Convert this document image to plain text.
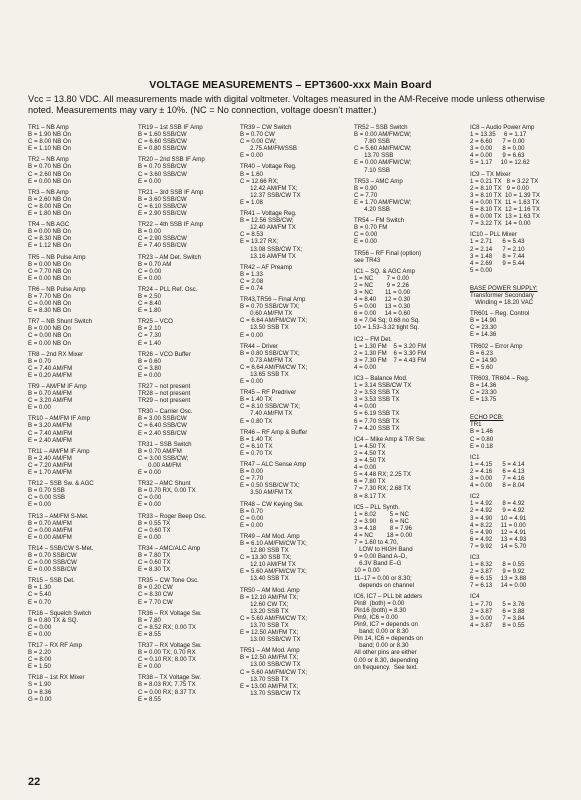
VOLTAGE MEASUREMENTS – EPT3600-xxx Main Board
Vcc = 13.80 VDC. All measurements made with digital voltmeter. Voltages measured in the AM-Receive mode unless otherwise noted. Measurements may vary ± 10%. (NC = No connection, voltage doesn’t matter.)
TR1 – NB Amp
B = 1.90 NB On
C = 8.00 NB On
E = 1.10 NB On
TR2 – NB Amp
B = 0.70 NB On
C = 2.60 NB On
E = 0.00 NB On
TR3 – NB Amp
B = 2.60 NB On
C = 8.00 NB On
E = 1.80 NB On
TR4 – NB AGC
B = 0.00 NB On
C = 8.30 NB On
E = 1.12 NB On
TR5 – NB Pulse Amp
B = 0.00 NB On
C = 7.70 NB On
E = 0.00 NB On
TR6 – NB Pulse Amp
B = 7.70 NB On
C = 0.00 NB On
E = 8.30 NB On
TR7 – NB Shunt Switch
B = 0.00 NB On
C = 0.00 NB On
E = 0.00 NB On
TR8 – 2nd RX Mixer
B = 0.70
C = 7.40 AM/FM
E = 0.20 AM/FM
TR9 – AM/FM IF Amp
B = 0.70 AM/FM
C = 3.20 AM/FM
E = 0.00
TR10 – AM/FM IF Amp
B = 3.20 AM/FM
C = 7.40 AM/FM
E = 2.40 AM/FM
TR11 – AM/FM IF Amp
B = 2.40 AM/FM
C = 7.20 AM/FM
E = 1.70 AM/FM
TR12 – SSB Sw. & AGC
B = 0.70 SSB
C = 0.00 SSB
E = 0.00
TR13 – AM/FM S-Met.
B = 0.70 AM/FM
C = 0.00 AM/FM
E = 0.00 AM/FM
TR14 – SSB/CW S-Met.
B = 0.70 SSB/CW
C = 0.00 SSB/CW
E = 0.00 SSB/CW
TR15 – SSB Det.
B = 1.30
C = 5.40
E = 0.70
TR16 – Squelch Switch
B = 0.80 TX & SQ.
C = 0.00
E = 0.00
TR17 – RX RF Amp
B = 2.20
C = 8.00
E = 1.50
TR18 – 1st RX Mixer
S = 1.90
D = 8.36
G = 0.00
TR19 – 1st SSB IF Amp
B = 1.60 SSB/CW
C = 6.60 SSB/CW
E = 0.80 SSB/CW
TR20 – 2nd SSB IF Amp
B = 0.70 SSB/CW
C = 3.60 SSB/CW
E = 0.00
TR21 – 3rd SSB IF Amp
B = 3.60 SSB/CW
C = 6.10 SSB/CW
E = 2.90 SSB/CW
TR22 – 4th SSB IF Amp
B = 0.00
C = 2.90 SSB/CW
E = 7.40 SSB/CW
TR23 – AM Det. Switch
B = 0.70 AM
C = 0.00
E = 0.00
TR24 – PLL Ref. Osc.
B = 2.50
C = 8.40
E = 1.80
TR25 – VCO
B = 2.10
C = 7.30
E = 1.40
TR26 – VCO Buffer
B = 0.60
C = 3.80
E = 0.00
TR27 – not present
TR28 – not present
TR29 – not present
TR30 – Carrier Osc.
B = 3.00 SSB/CW
C = 6.40 SSB/CW
E = 2.40 SSB/CW
TR31 – SSB Switch
B = 0.70 AM/FM
C = 3.00 SSB/CW;
0.00 AM/FM
E = 0.00
TR32 – AMC Shunt
B = 0.70 RX, 0.00 TX
C = 0.00
E = 0.00
TR33 – Roger Beep Osc.
B = 0.55 TX
C = 0.60 TX
E = 0.00
TR34 – AMC/ALC Amp
B = 7.80 TX
C = 0.60 TX
E = 8.30 TX
TR35 – CW Tone Osc.
B = 0.20 CW
C = 8.30 CW
E = 7.70 CW
TR36 – RX Voltage Sw.
B = 7.80
C = 8.52 RX; 0.00 TX
E = 8.55
TR37 – RX Voltage Sw.
B = 0.00 TX; 0.70 RX
C = 0.10 RX; 8.00 TX
E = 0.00
TR38 – TX Voltage Sw.
B = 8.03 RX; 7.75 TX
C = 0.00 RX; 8.37 TX
E = 8.55
TR39 – CW Switch
B = 0.70 CW
C = 0.00 CW;
2.75 AM/FM/SSB
E = 0.00
TR40 – Voltage Reg.
B = 1.60
C = 12.66 RX;
12.42 AM/FM TX;
12.37 SSB/CW TX
E = 1.08
TR41 – Voltage Reg.
B = 12.56 SSB/CW;
12.40 AM/FM TX
C = 8.53
E = 13.27 RX;
13.08 SSB/CW TX;
13.16 AM/FM TX
TR42 – AF Preamp
B = 1.33
C = 2.08
E = 0.74
TR43,TR56 – Final Amp
B = 0.70 SSB/CW TX;
0.60 AM/FM TX
C = 6.64 AM/FM/CW TX;
13.50 SSB TX
E = 0.00
TR44 – Driver
B = 0.80 SSB/CW TX;
0.73 AM/FM TX
C = 6.64 AM/FM/CW TX;
13.65 SSB TX
E = 0.00
TR45 – RF Predriver
B = 1.40 TX
C = 8.10 SSB/CW TX;
7.40 AM/FM TX
E = 0.80 TX
TR46 – RF Amp & Buffer
B = 1.40 TX
C = 6.10 TX
E = 0.70 TX
TR47 – ALC Sense Amp
B = 0.00
C = 7.70
E = 0.50 SSB/CW TX;
3.50 AM/FM TX
TR48 – CW Keying Sw.
B = 0.70
C = 0.00
E = 0.00
TR49 – AM Mod. Amp
B = 6.10 AM/FM/CW TX;
12.80 SSB TX
C = 13.30 SSB TX;
12.10 AM/FM TX
E = 5.60 AM/FM/CW TX;
13.40 SSB TX
TR50 – AM Mod. Amp
B = 12.10 AM/FM TX;
12.60 CW TX;
13.20 SSB TX
C = 5.60 AM/FM/CW TX;
13.70 SSB TX
E = 12.50 AM/FM TX;
13.00 SSB/CW TX
TR51 – AM Mod. Amp
B = 12.50 AM/FM TX;
13.00 SSB/CW TX
C = 5.60 AM/FM/CW TX;
13.70 SSB TX
E = 13.00 AM/FM TX;
13.70 SSB/CW TX
TR52 – SSB Switch
B = 0.00 AM/FM/CW;
7.80 SSB
C = 5.60 AM/FM/CW;
13.70 SSB
E = 0.00 AM/FM/CW;
7.10 SSB
TR53 – AMC Amp
B = 0.90
C = 7.70
E = 1.70 AM/FM/CW;
4.20 SSB
TR54 – FM Switch
B = 0.70 FM
C = 0.00
E = 0.00
TR56 – RF Final (option)
see TR43
IC1 – SQ. & AGC Amp
1 = NC        7 = 0.00
2 = NC        9 = 2.26
3 = NC       11 = 0.00
4 = 8.40     12 = 0.30
5 = 0.00     13 = 0.30
6 = 0.00     14 = 0.60
8 = 7.04 Sq; 0.68 no Sq.
10 = 1.53–3.32 tight Sq.
IC2 – FM Det.
1 = 1.30 FM    5 = 3.20 FM
2 = 1.30 FM    6 = 3.30 FM
3 = 7.30 FM    7 = 4.43 FM
4 = 0.00
IC3 – Balance Mod.
1 = 3.14 SSB/CW TX
2 = 3.53 SSB TX
3 = 3.53 SSB TX
4 = 0.00
5 = 6.19 SSB TX
6 = 7.70 SSB TX
7 = 4.20 SSB TX
IC4 – Mike Amp & T/R Sw.
1 = 4.50 TX
2 = 4.50 TX
3 = 4.50 TX
4 = 0.00
5 = 4.48 RX; 2.25 TX
6 = 7.80 TX
7 = 7.30 RX; 2.68 TX
8 = 8.17 TX
IC5 – PLL Synth.
1 = 8.02        5 = NC
2 = 3.90        6 = NC
3 = 4.18        8 = 7.96
4 = NC        18 = 0.00
7 = 1.60 to 4.70,
LOW to HIGH Band
9 = 0.00 Band A–D,
6.3V Band E–G
10 = 0.00
11–17 = 0.00 or 8.30;
depends on channel
IC6, IC7 – PLL bit adders
Pin8  (both) = 0.00
Pin16 (both) = 8.30
Pin9, IC6 = 0.00
Pin9, IC7 = depends on
band; 0.00 or 8.30
Pin 14, IC6 = depends on
band; 0.00 or 8.30
All other pins are either
0.00 or 8.30, depending
on frequency.  See text.
IC8 – Audio Power Amp
1 = 13.35     6 = 1.17
2 = 6.60      7 = 0.00
3 = 0.00      8 = 0.00
4 = 0.00      9 = 6.63
5 = 1.17     10 = 12.62
IC9 – TX Mixer
1 = 0.21 TX   8 = 3.22 TX
2 = 8.10 TX   9 = 0.00
3 = 8.10 TX  10 = 1.39 TX
4 = 0.00 TX  11 = 1.63 TX
5 = 8.10 TX  12 = 1.16 TX
6 = 0.00 TX  13 = 1.63 TX
7 = 3.22 TX  14 = 0.00
IC10 – PLL Mixer
1 = 2.71      6 = 5.43
2 = 2.14      7 = 2.10
3 = 1.48      8 = 7.44
4 = 2.69      9 = 5.44
5 = 0.00
BASE POWER SUPPLY:
Transformer Secondary
Winding = 18.20 VAC
TR601 – Reg. Control
B = 14.90
C = 23.30
E = 14.36
TR602 – Error Amp
B = 6.23
C = 14.90
E = 5.60
TR603, TR604 – Reg.
B = 14.36
C = 23.30
E = 13.75
ECHO PCB:
TR1
B = 1.46
C = 0.80
E = 0.18
IC1
1 = 4.15      5 = 4.14
2 = 4.16      6 = 4.13
3 = 0.00      7 = 4.16
4 = 0.00      8 = 8.04
IC2
1 = 4.92      8 = 4.92
2 = 4.92      9 = 4.92
3 = 4.90     10 = 4.91
4 = 8.22     11 = 0.00
5 = 4.90     12 = 4.91
6 = 4.92     13 = 4.93
7 = 9.92     14 = 5.70
IC3
1 = 8.32      8 = 0.55
2 = 3.87      9 = 9.92
6 = 6.15     13 = 3.88
7 = 6.13     14 = 0.00
IC4
1 = 7.70      5 = 3.76
2 = 3.87      6 = 3.88
3 = 0.00      7 = 3.84
4 = 3.87      8 = 0.55
22
